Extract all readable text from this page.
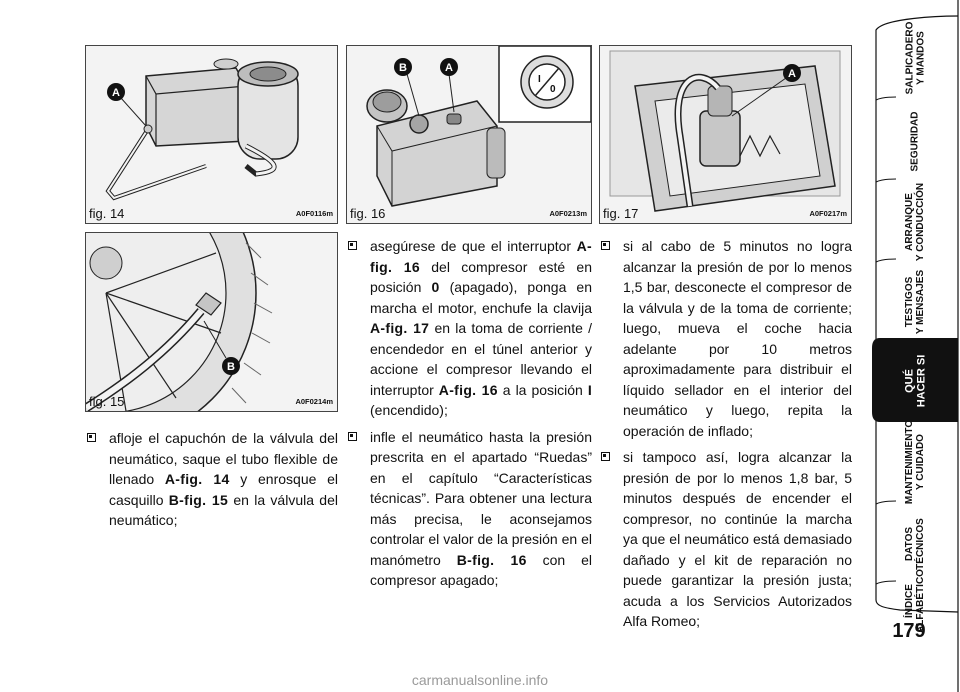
A
fig. 14	A0F0116m
B
fig. 15	A0F0214m
I
0
B	A
fig. 16	A0F0213m
A
fig. 17	A0F0217m
afloje el capuchón de la válvula del neumático, saque el tubo flexible de llenado A-fig. 14 y enrosque el casquillo B-fig. 15 en la válvula del neumático;
asegúrese de que el interruptor A-fig. 16 del compresor esté en posición 0 (apagado), ponga en marcha el motor, enchufe la clavija A-fig. 17 en la toma de corriente / encendedor en el túnel anterior y accione el compresor llevando el interruptor A-fig. 16 a la posición I (encendido);
infle el neumático hasta la presión prescrita en el apartado “Ruedas” en el capítulo “Características técnicas”. Para obtener una lectura más precisa, le aconsejamos controlar el valor de la presión en el manómetro B-fig. 16 con el compresor apagado;
si al cabo de 5 minutos no logra alcanzar la presión de por lo menos 1,5 bar, desconecte el compresor de la válvula y de la toma de corriente; luego, mueva el coche hacia adelante por 10 metros aproximadamente para distribuir el líquido sellador en el interior del neumático y luego, repita la operación de inflado;
si tampoco así, logra alcanzar la presión de por lo menos 1,8 bar, 5 minutos después de encender el compresor, no continúe la marcha ya que el neumático está demasiado dañado y el kit de reparación no puede garantizar la presión justa; acuda a los Servicios Autorizados Alfa Romeo;
SALPICADERO
Y MANDOS
SEGURIDAD
ARRANQUE
Y CONDUCCIÓN
TESTIGOS
Y MENSAJES
QUÉ
HACER SI
MANTENIMIENTO
Y CUIDADO
DATOS
TÉCNICOS
ÍNDICE
ALFABÉTICO
179
carmanualsonline.info
